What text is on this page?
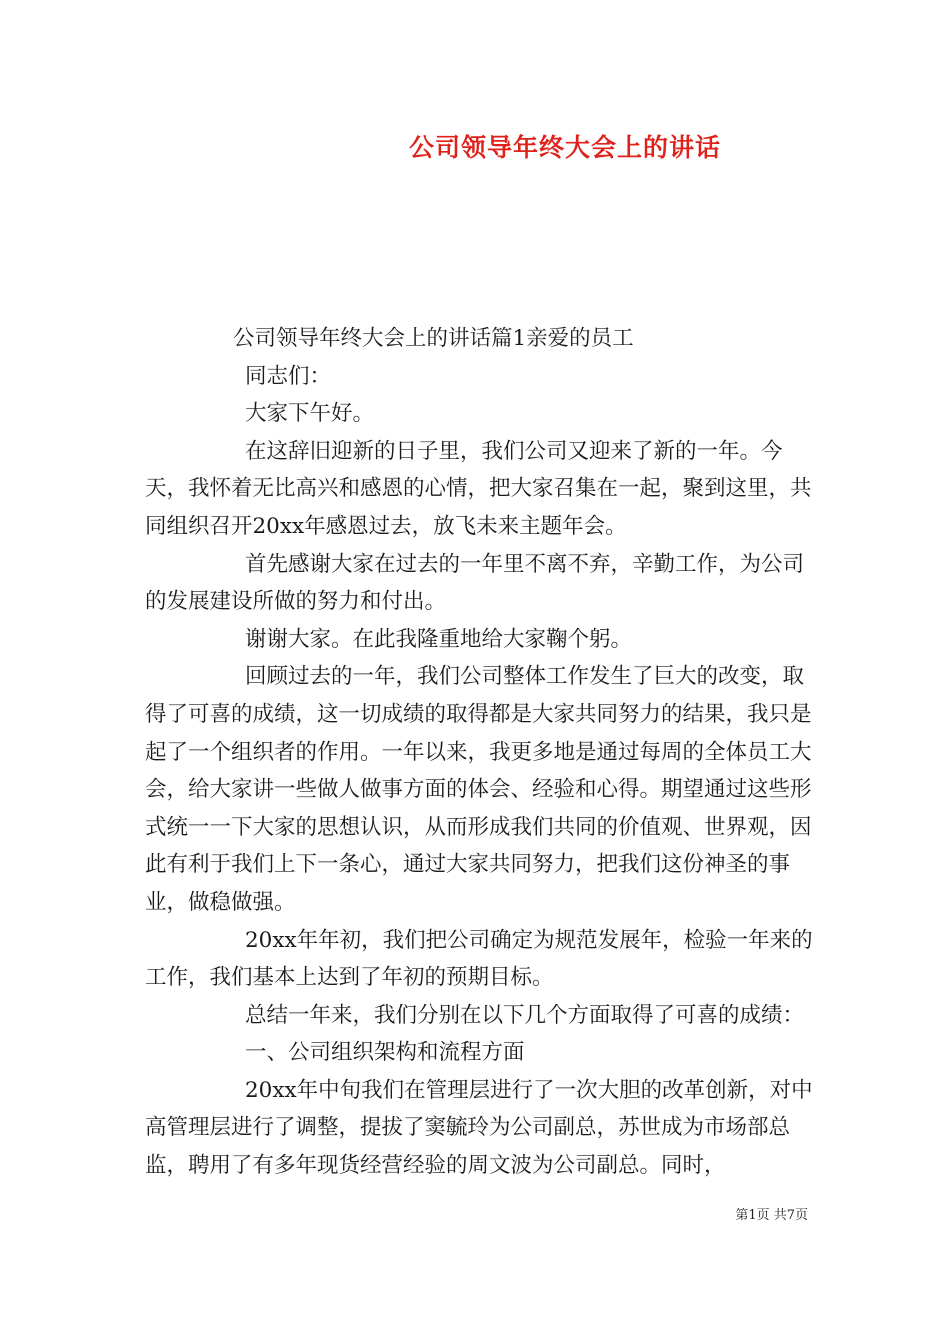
公司领导年终大会上的讲话

公司领导年终大会上的讲话篇1亲爱的员工

同志们：

大家下午好。

在这辞旧迎新的日子里，我们公司又迎来了新的一年。今天，我怀着无比高兴和感恩的心情，把大家召集在一起，聚到这里，共同组织召开20xx年感恩过去，放飞未来主题年会。

首先感谢大家在过去的一年里不离不弃，辛勤工作，为公司的发展建设所做的努力和付出。

谢谢大家。在此我隆重地给大家鞠个躬。

回顾过去的一年，我们公司整体工作发生了巨大的改变，取得了可喜的成绩，这一切成绩的取得都是大家共同努力的结果，我只是起了一个组织者的作用。一年以来，我更多地是通过每周的全体员工大会，给大家讲一些做人做事方面的体会、经验和心得。期望通过这些形式统一一下大家的思想认识，从而形成我们共同的价值观、世界观，因此有利于我们上下一条心，通过大家共同努力，把我们这份神圣的事业，做稳做强。

20xx年年初，我们把公司确定为规范发展年，检验一年来的工作，我们基本上达到了年初的预期目标。

总结一年来，我们分别在以下几个方面取得了可喜的成绩：

一、公司组织架构和流程方面

20xx年中旬我们在管理层进行了一次大胆的改革创新，对中高管理层进行了调整，提拔了窦毓玲为公司副总，苏世成为市场部总监，聘用了有多年现货经营经验的周文波为公司副总。同时，

第1页 共7页
